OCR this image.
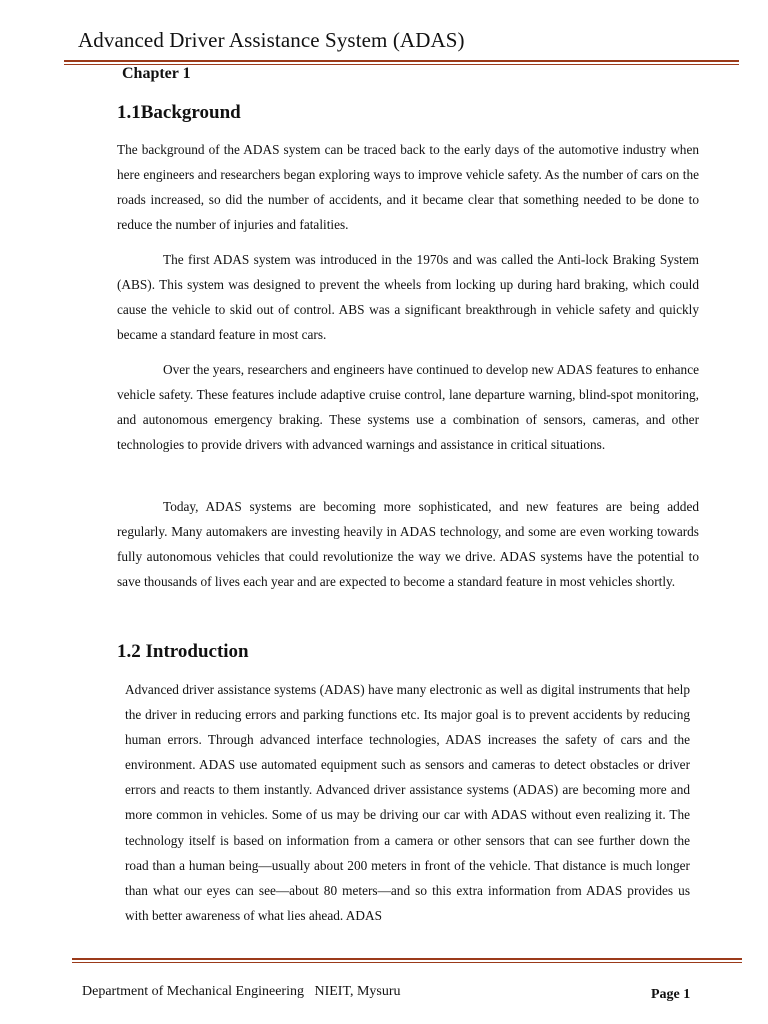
Advanced Driver Assistance System (ADAS)
Chapter 1
1.1Background

The background of the ADAS system can be traced back to the early days of the automotive industry when here engineers and researchers began exploring ways to improve vehicle safety. As the number of cars on the roads increased, so did the number of accidents, and it became clear that something needed to be done to reduce the number of injuries and fatalities.

The first ADAS system was introduced in the 1970s and was called the Anti-lock Braking System (ABS). This system was designed to prevent the wheels from locking up during hard braking, which could cause the vehicle to skid out of control. ABS was a significant breakthrough in vehicle safety and quickly became a standard feature in most cars.

Over the years, researchers and engineers have continued to develop new ADAS features to enhance vehicle safety. These features include adaptive cruise control, lane departure warning, blind-spot monitoring, and autonomous emergency braking. These systems use a combination of sensors, cameras, and other technologies to provide drivers with advanced warnings and assistance in critical situations.

Today, ADAS systems are becoming more sophisticated, and new features are being added regularly. Many automakers are investing heavily in ADAS technology, and some are even working towards fully autonomous vehicles that could revolutionize the way we drive. ADAS systems have the potential to save thousands of lives each year and are expected to become a standard feature in most vehicles shortly.

1.2 Introduction

Advanced driver assistance systems (ADAS) have many electronic as well as digital instruments that help the driver in reducing errors and parking functions etc. Its major goal is to prevent accidents by reducing human errors. Through advanced interface technologies, ADAS increases the safety of cars and the environment. ADAS use automated equipment such as sensors and cameras to detect obstacles or driver errors and reacts to them instantly. Advanced driver assistance systems (ADAS) are becoming more and more common in vehicles. Some of us may be driving our car with ADAS without even realizing it. The technology itself is based on information from a camera or other sensors that can see further down the road than a human being—usually about 200 meters in front of the vehicle. That distance is much longer than what our eyes can see—about 80 meters—and so this extra information from ADAS provides us with better awareness of what lies ahead. ADAS

Department of Mechanical Engineering   NIEIT, Mysuru	Page 1
